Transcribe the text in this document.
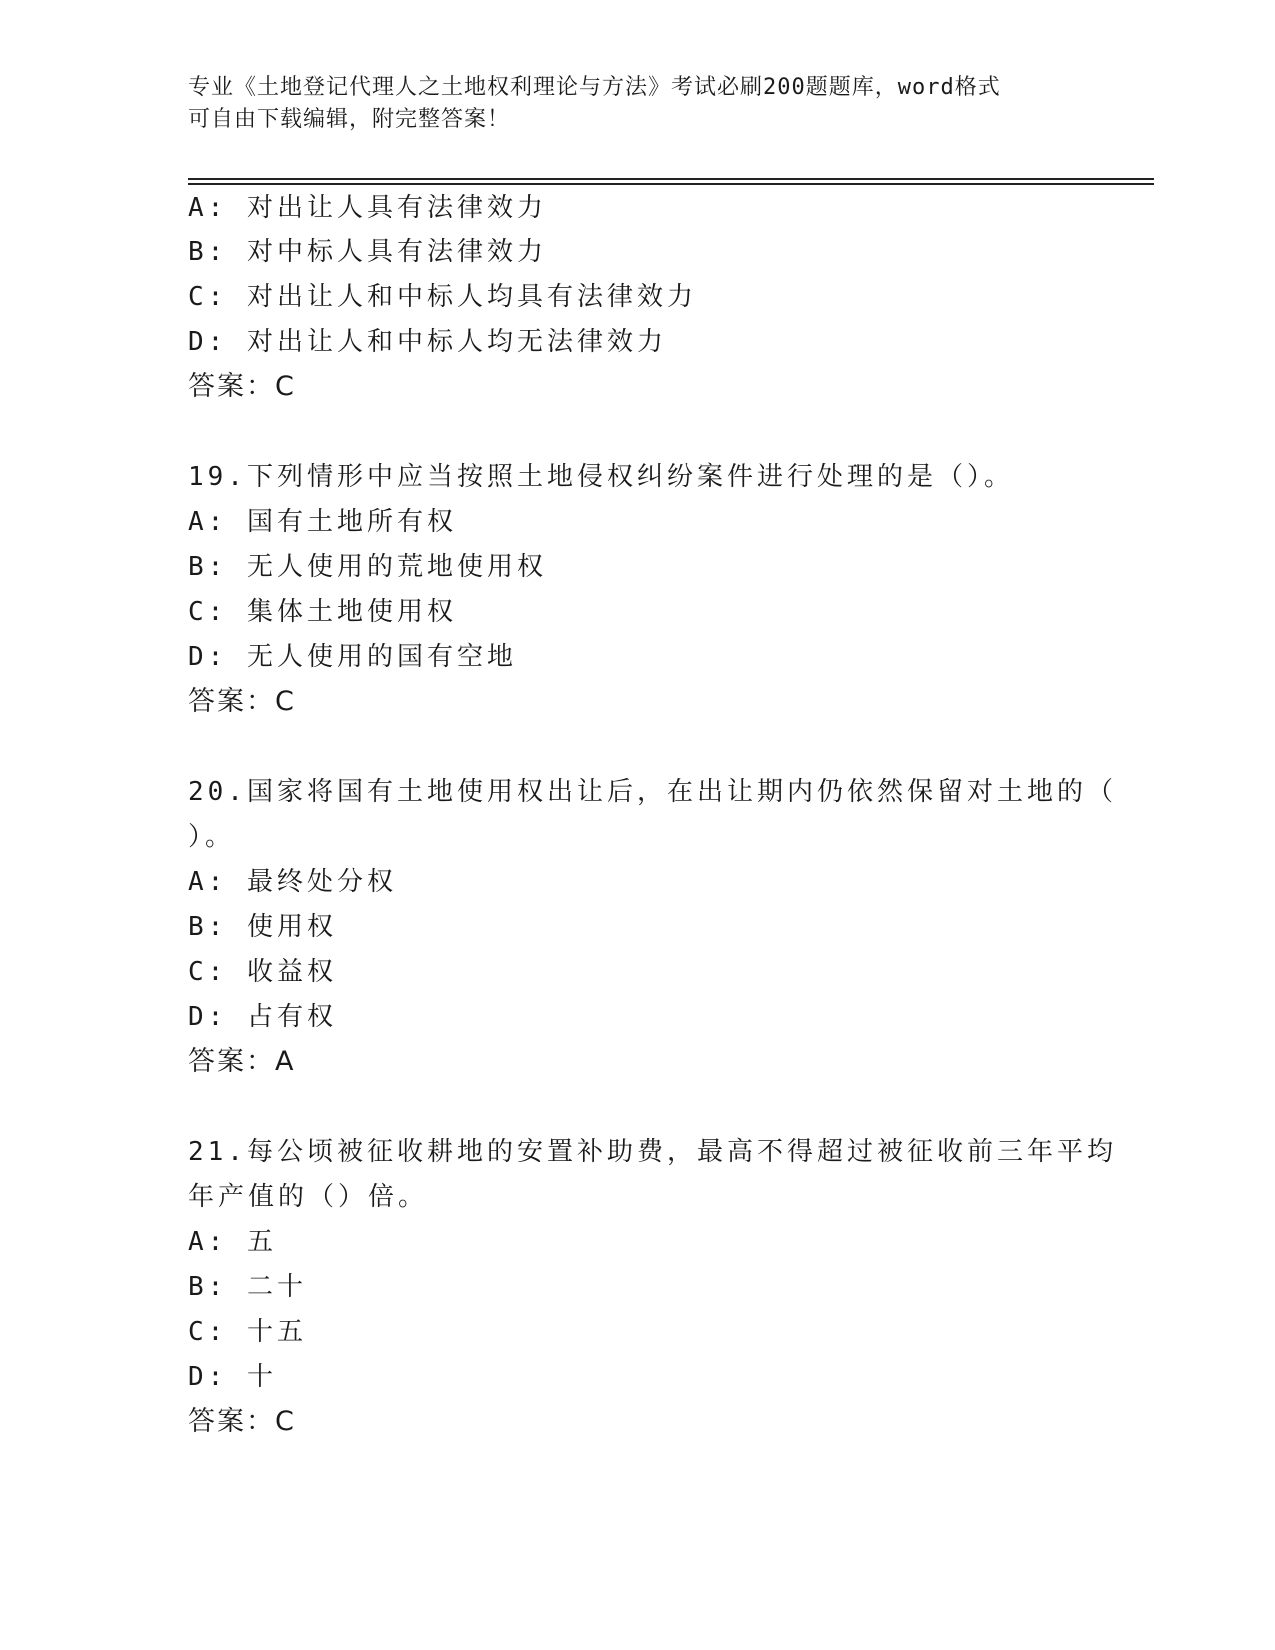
专业《土地登记代理人之土地权利理论与方法》考试必刷200题题库，word格式
可自由下载编辑，附完整答案！
A: 对出让人具有法律效力
B: 对中标人具有法律效力
C: 对出让人和中标人均具有法律效力
D: 对出让人和中标人均无法律效力
答案：C
19.下列情形中应当按照土地侵权纠纷案件进行处理的是（）。
A: 国有土地所有权
B: 无人使用的荒地使用权
C: 集体土地使用权
D: 无人使用的国有空地
答案：C
20.国家将国有土地使用权出让后，在出让期内仍依然保留对土地的（
）。
A: 最终处分权
B: 使用权
C: 收益权
D: 占有权
答案：A
21.每公顷被征收耕地的安置补助费，最高不得超过被征收前三年平均
年产值的（）倍。
A: 五
B: 二十
C: 十五
D: 十
答案：C
